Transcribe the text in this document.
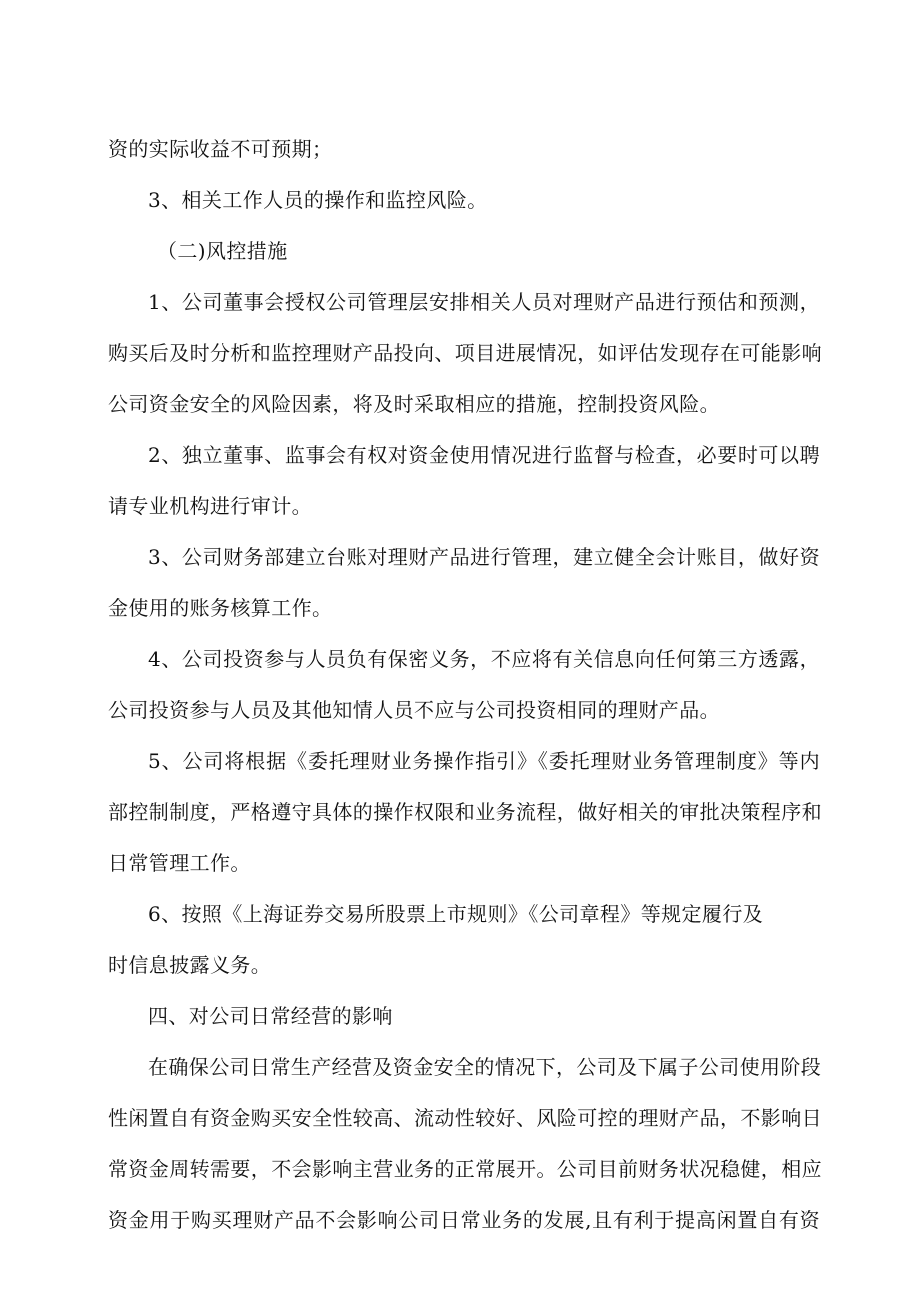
资的实际收益不可预期；
3、相关工作人员的操作和监控风险。
（二)风控措施
1、公司董事会授权公司管理层安排相关人员对理财产品进行预估和预测，
购买后及时分析和监控理财产品投向、项目进展情况，如评估发现存在可能影响
公司资金安全的风险因素，将及时采取相应的措施，控制投资风险。
2、独立董事、监事会有权对资金使用情况进行监督与检查，必要时可以聘
请专业机构进行审计。
3、公司财务部建立台账对理财产品进行管理，建立健全会计账目，做好资
金使用的账务核算工作。
4、公司投资参与人员负有保密义务，不应将有关信息向任何第三方透露，
公司投资参与人员及其他知情人员不应与公司投资相同的理财产品。
5、公司将根据《委托理财业务操作指引》《委托理财业务管理制度》等内
部控制制度，严格遵守具体的操作权限和业务流程，做好相关的审批决策程序和
日常管理工作。
6、按照《上海证券交易所股票上市规则》《公司章程》等规定履行及
时信息披露义务。
四、对公司日常经营的影响
在确保公司日常生产经营及资金安全的情况下，公司及下属子公司使用阶段
性闲置自有资金购买安全性较高、流动性较好、风险可控的理财产品，不影响日
常资金周转需要，不会影响主营业务的正常展开。公司目前财务状况稳健，相应
资金用于购买理财产品不会影响公司日常业务的发展,且有利于提高闲置自有资
